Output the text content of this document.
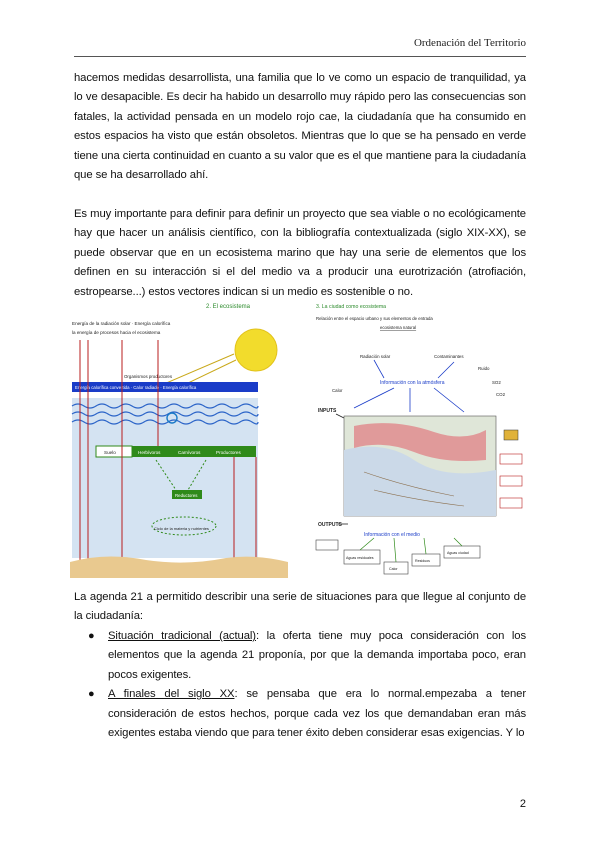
Ordenación del Territorio

hacemos medidas desarrollista, una familia que lo ve como un espacio de tranquilidad, ya lo ve desapacible. Es decir ha habido un desarrollo muy rápido pero las consecuencias son fatales, la actividad pensada en un modelo rojo cae, la ciudadanía que ha consumido en estos espacios ha visto que están obsoletos. Mientras que lo que se ha pensado en verde tiene una cierta continuidad en cuanto a su valor que es el que mantiene para la ciudadanía que se ha desarrollado ahí.

Es muy importante para definir para definir un proyecto que sea viable o no ecológicamente hay que hacer un análisis científico, con la bibliografía contextualizada (siglo XIX-XX), se puede observar que en un ecosistema marino que hay una serie de elementos que los definen en su interacción si el del medio va a producir una eurotrización (atrofiación, estropearse...) estos vectores indican si un medio es sostenible o no.

2. El ecosistema
Energía de la radiación solar · Energía calorífica
la energía de procesos hacia el ecosistema
Organismos productores
Energía calorífica convertida · Calor radiado · Energía calorífica
Suelo	Herbívoros	Carnívoros	Productores
Reductores
Ciclo de la materia y nutrientes
3. La ciudad como ecosistema
Relación entre el espacio urbano y sus elementos de entrada
ecosistema natural
Radiación solar	Contaminantes
Ruido
Calor
SO2
CO2
Información con la atmósfera
INPUTS
OUTPUTS
Información con el medio
Aguas residuales
Calor
Residuos
Aguas ciudad

La agenda 21 a permitido describir una serie de situaciones para que llegue al conjunto de la ciudadanía:

● Situación tradicional (actual): la oferta tiene muy poca consideración con los elementos que la agenda 21 proponía, por que la demanda importaba poco, eran pocos exigentes.
● A finales del siglo XX: se pensaba que era lo normal.empezaba a tener consideración de estos hechos, porque cada vez los que demandaban eran más exigentes estaba viendo que para tener éxito deben considerar esas exigencias. Y lo
2
